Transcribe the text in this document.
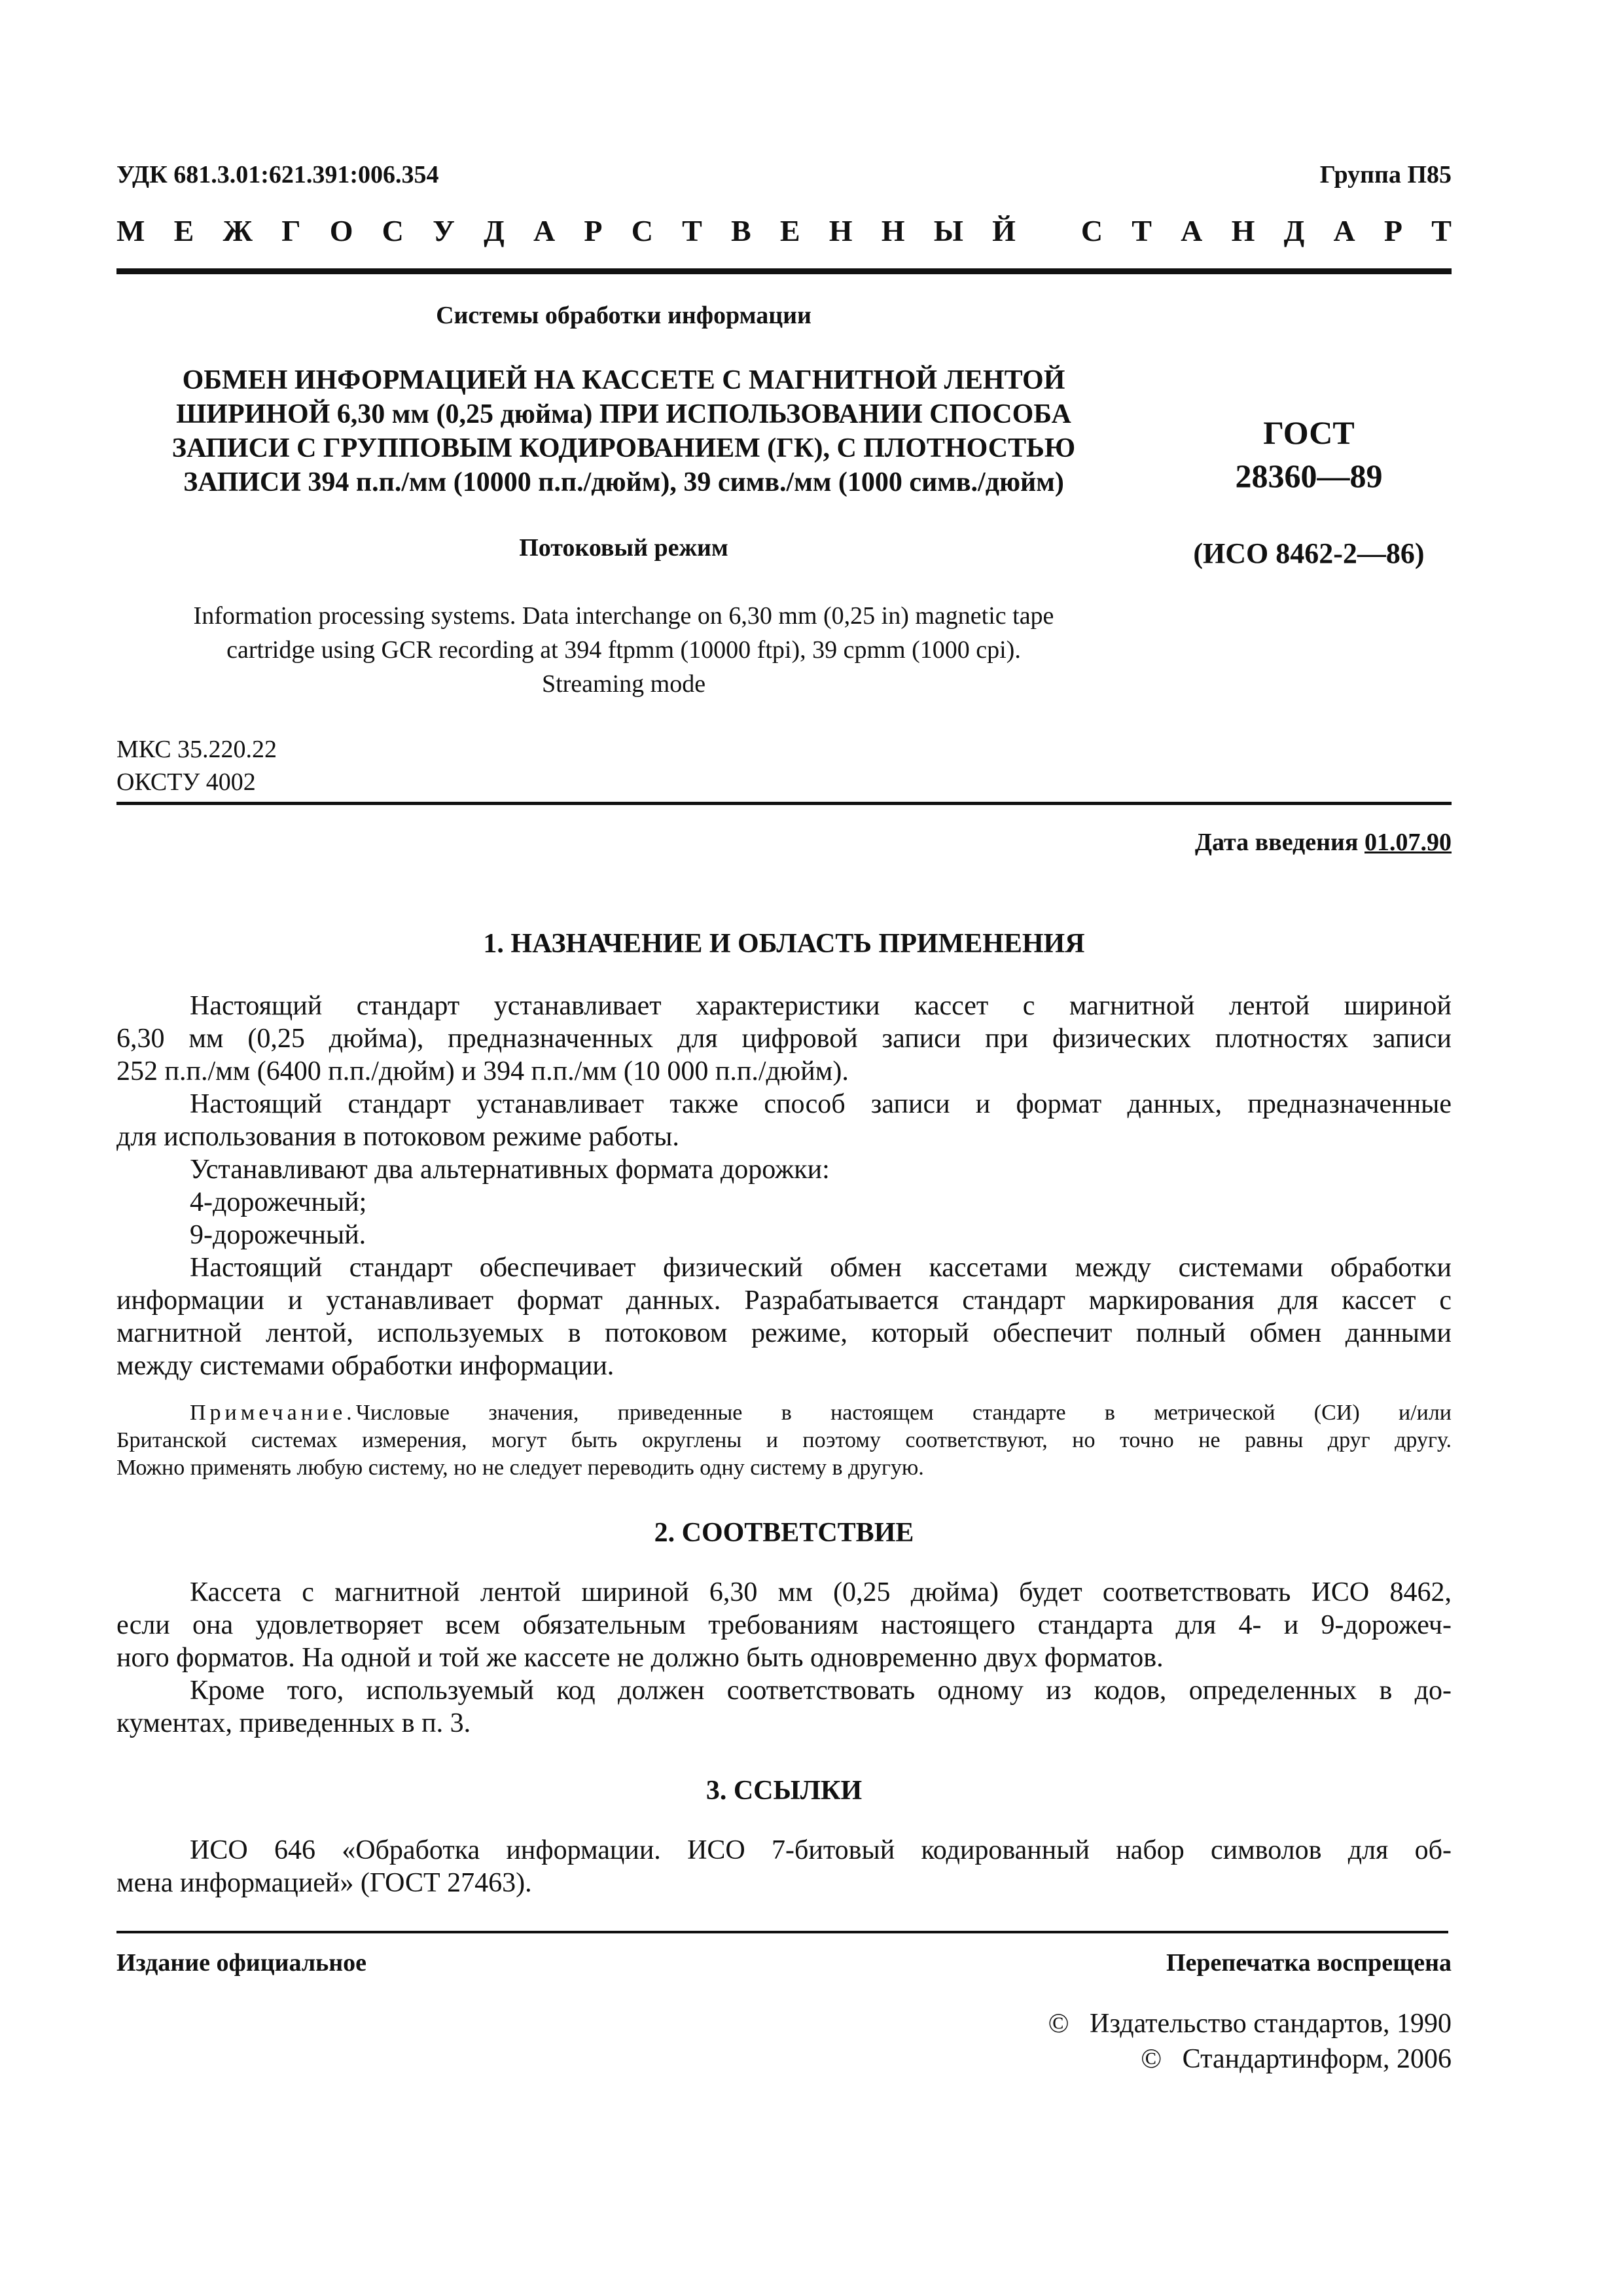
УДК 681.3.01:621.391:006.354	Группа П85
М Е Ж Г О С У Д А Р С Т В Е Н Н Ы Й
С Т А Н Д А Р Т
Системы обработки информации
ОБМЕН ИНФОРМАЦИЕЙ НА КАССЕТЕ С МАГНИТНОЙ ЛЕНТОЙ
ШИРИНОЙ 6,30 мм (0,25 дюйма) ПРИ ИСПОЛЬЗОВАНИИ СПОСОБА
ЗАПИСИ С ГРУППОВЫМ КОДИРОВАНИЕМ (ГК), С ПЛОТНОСТЬЮ
ЗАПИСИ 394 п.п./мм (10000 п.п./дюйм), 39 симв./мм (1000 симв./дюйм)
ГОСТ
28360—89
Потоковый режим	(ИСО 8462-2—86)
Information processing systems. Data interchange on 6,30 mm (0,25 in) magnetic tape
cartridge using GCR recording at 394 ftpmm (10000 ftpi), 39 cpmm (1000 cpi).
Streaming mode
МКС 35.220.22
ОКСТУ 4002
Дата введения 01.07.90
1. НАЗНАЧЕНИЕ И ОБЛАСТЬ ПРИМЕНЕНИЯ
Настоящий стандарт устанавливает характеристики кассет с магнитной лентой шириной
6,30 мм (0,25 дюйма), предназначенных для цифровой записи при физических плотностях записи
252 п.п./мм (6400 п.п./дюйм) и 394 п.п./мм (10 000 п.п./дюйм).
Настоящий стандарт устанавливает также способ записи и формат данных, предназначенные
для использования в потоковом режиме работы.
Устанавливают два альтернативных формата дорожки:
4-дорожечный;
9-дорожечный.
Настоящий стандарт обеспечивает физический обмен кассетами между системами обработки
информации и устанавливает формат данных. Разрабатывается стандарт маркирования для кассет с
магнитной лентой, используемых в потоковом режиме, который обеспечит полный обмен данными
между системами обработки информации.
Примечание.Числовые значения, приведенные в настоящем стандарте в метрической (СИ) и/или
Британской системах измерения, могут быть округлены и поэтому соответствуют, но точно не равны друг другу.
Можно применять любую систему, но не следует переводить одну систему в другую.
2. СООТВЕТСТВИЕ
Кассета с магнитной лентой шириной 6,30 мм (0,25 дюйма) будет соответствовать ИСО 8462,
если она удовлетворяет всем обязательным требованиям настоящего стандарта для 4- и 9-дорожеч-
ного форматов. На одной и той же кассете не должно быть одновременно двух форматов.
Кроме того, используемый код должен соответствовать одному из кодов, определенных в до-
кументах, приведенных в п. 3.
3. ССЫЛКИ
ИСО 646 «Обработка информации. ИСО 7-битовый кодированный набор символов для об-
мена информацией» (ГОСТ 27463).
Издание официальное	Перепечатка воспрещена
© Издательство стандартов, 1990
© Стандартинформ, 2006
